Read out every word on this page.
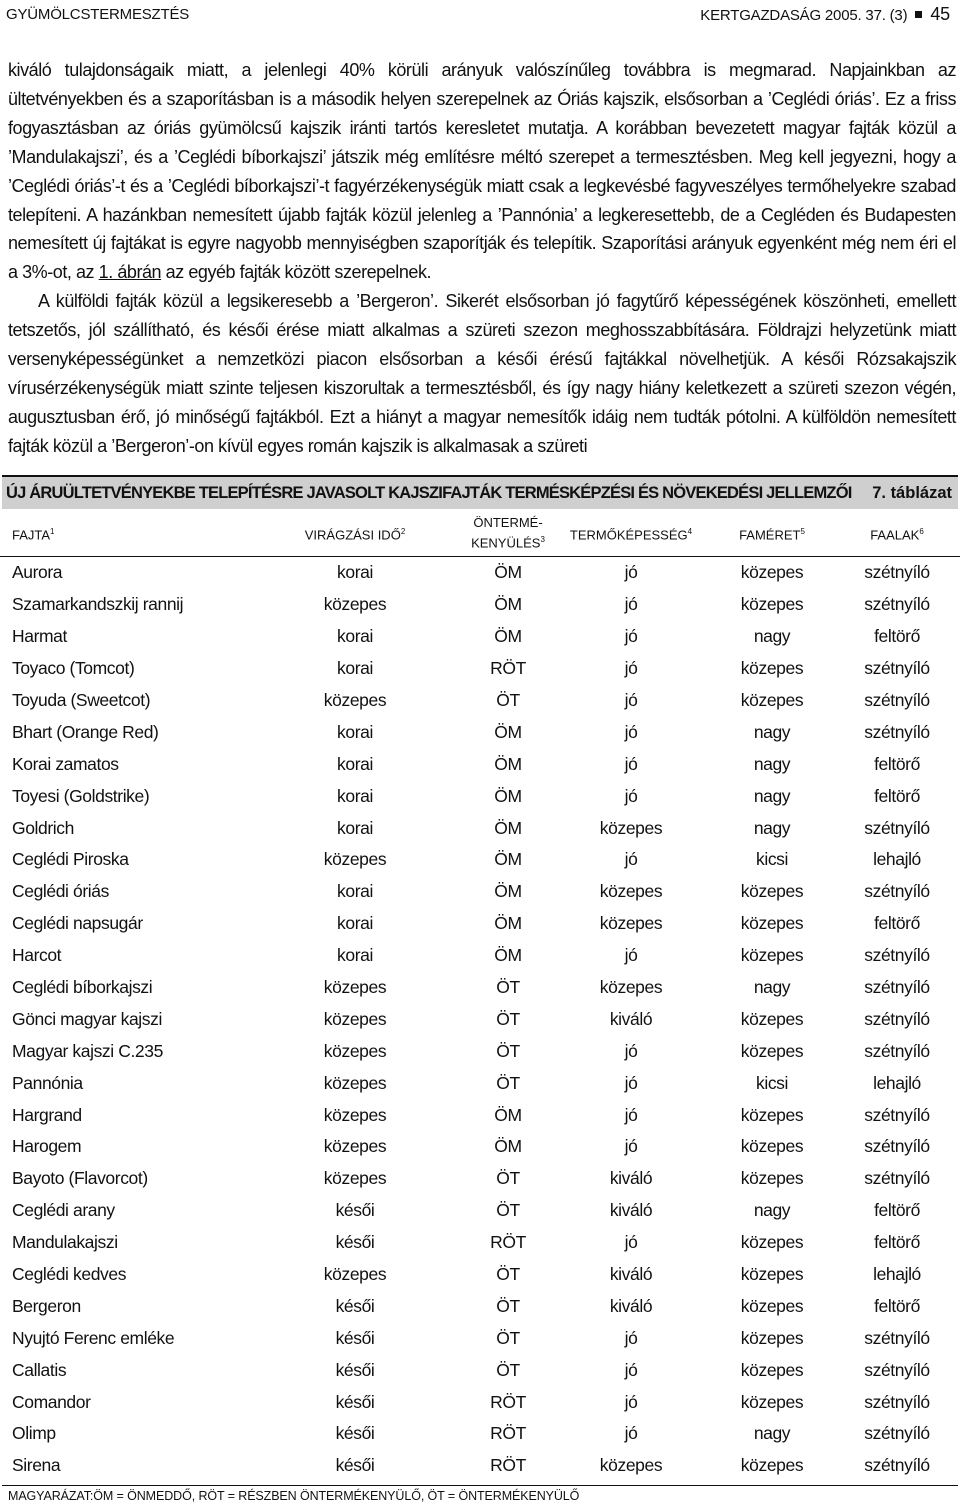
GYÜMÖLCSTERMESZTÉS	KERTGAZDASÁG 2005. 37. (3) 45

kiváló tulajdonságaik miatt, a jelenlegi 40% körüli arányuk valószínűleg továbbra is megmarad. Napjainkban az ültetvényekben és a szaporításban is a második helyen szerepelnek az Óriás kajszik, elsősorban a ’Ceglédi óriás’. Ez a friss fogyasztásban az óriás gyümölcsű kajszik iránti tartós keresletet mutatja. A korábban bevezetett magyar fajták közül a ’Mandulakajszi’, és a ’Ceglédi bíborkajszi’ játszik még említésre méltó szerepet a termesztésben. Meg kell jegyezni, hogy a ’Ceglédi óriás’-t és a ’Ceglédi bíborkajszi’-t fagyérzékenységük miatt csak a legkevésbé fagyveszélyes termőhelyekre szabad telepíteni. A hazánkban nemesített újabb fajták közül jelenleg a ’Pannónia’ a legkeresettebb, de a Cegléden és Budapesten nemesített új fajtákat is egyre nagyobb mennyiségben szaporítják és telepítik. Szaporítási arányuk egyenként még nem éri el a 3%-ot, az 1. ábrán az egyéb fajták között szerepelnek.

A külföldi fajták közül a legsikeresebb a ’Bergeron’. Sikerét elsősorban jó fagytűrő képességének köszönheti, emellett tetszetős, jól szállítható, és késői érése miatt alkalmas a szüreti szezon meghosszabbítására. Földrajzi helyzetünk miatt versenyképességünket a nemzetközi piacon elsősorban a késői érésű fajtákkal növelhetjük. A késői Rózsakajszik vírusérzékenységük miatt szinte teljesen kiszorultak a termesztésből, és így nagy hiány keletkezett a szüreti szezon végén, augusztusban érő, jó minőségű fajtákból. Ezt a hiányt a magyar nemesítők idáig nem tudták pótolni. A külföldön nemesített fajták közül a ’Bergeron’-on kívül egyes román kajszik is alkalmasak a szüreti

ÚJ ÁRUÜLTETVÉNYEKBE TELEPÍTÉSRE JAVASOLT KAJSZIFAJTÁK TERMÉSKÉPZÉSI ÉS NÖVEKEDÉSI JELLEMZŐI 7. táblázat
FAJTA$^1$	VIRÁGZÁSI IDŐ$^2$	ÖNTERMÉ-
KENYÜLÉS$^3$	TERMŐKÉPESSÉG$^4$	FAMÉRET$^5$	FAALAK$^6$
Aurora	korai	ÖM	jó	közepes	szétnyíló
Szamarkandszkij rannij	közepes	ÖM	jó	közepes	szétnyíló
Harmat	korai	ÖM	jó	nagy	feltörő
Toyaco (Tomcot)	korai	RÖT	jó	közepes	szétnyíló
Toyuda (Sweetcot)	közepes	ÖT	jó	közepes	szétnyíló
Bhart (Orange Red)	korai	ÖM	jó	nagy	szétnyíló
Korai zamatos	korai	ÖM	jó	nagy	feltörő
Toyesi (Goldstrike)	korai	ÖM	jó	nagy	feltörő
Goldrich	korai	ÖM	közepes	nagy	szétnyíló
Ceglédi Piroska	közepes	ÖM	jó	kicsi	lehajló
Ceglédi óriás	korai	ÖM	közepes	közepes	szétnyíló
Ceglédi napsugár	korai	ÖM	közepes	közepes	feltörő
Harcot	korai	ÖM	jó	közepes	szétnyíló
Ceglédi bíborkajszi	közepes	ÖT	közepes	nagy	szétnyíló
Gönci magyar kajszi	közepes	ÖT	kiváló	közepes	szétnyíló
Magyar kajszi C.235	közepes	ÖT	jó	közepes	szétnyíló
Pannónia	közepes	ÖT	jó	kicsi	lehajló
Hargrand	közepes	ÖM	jó	közepes	szétnyíló
Harogem	közepes	ÖM	jó	közepes	szétnyíló
Bayoto (Flavorcot)	közepes	ÖT	kiváló	közepes	szétnyíló
Ceglédi arany	késői	ÖT	kiváló	nagy	feltörő
Mandulakajszi	késői	RÖT	jó	közepes	feltörő
Ceglédi kedves	közepes	ÖT	kiváló	közepes	lehajló
Bergeron	késői	ÖT	kiváló	közepes	feltörő
Nyujtó Ferenc emléke	késői	ÖT	jó	közepes	szétnyíló
Callatis	késői	ÖT	jó	közepes	szétnyíló
Comandor	késői	RÖT	jó	közepes	szétnyíló
Olimp	késői	RÖT	jó	nagy	szétnyíló
Sirena	késői	RÖT	közepes	közepes	szétnyíló
MAGYARÁZAT:ÖM = ÖNMEDDŐ, RÖT = RÉSZBEN ÖNTERMÉKENYÜLŐ, ÖT = ÖNTERMÉKENYÜLŐ
